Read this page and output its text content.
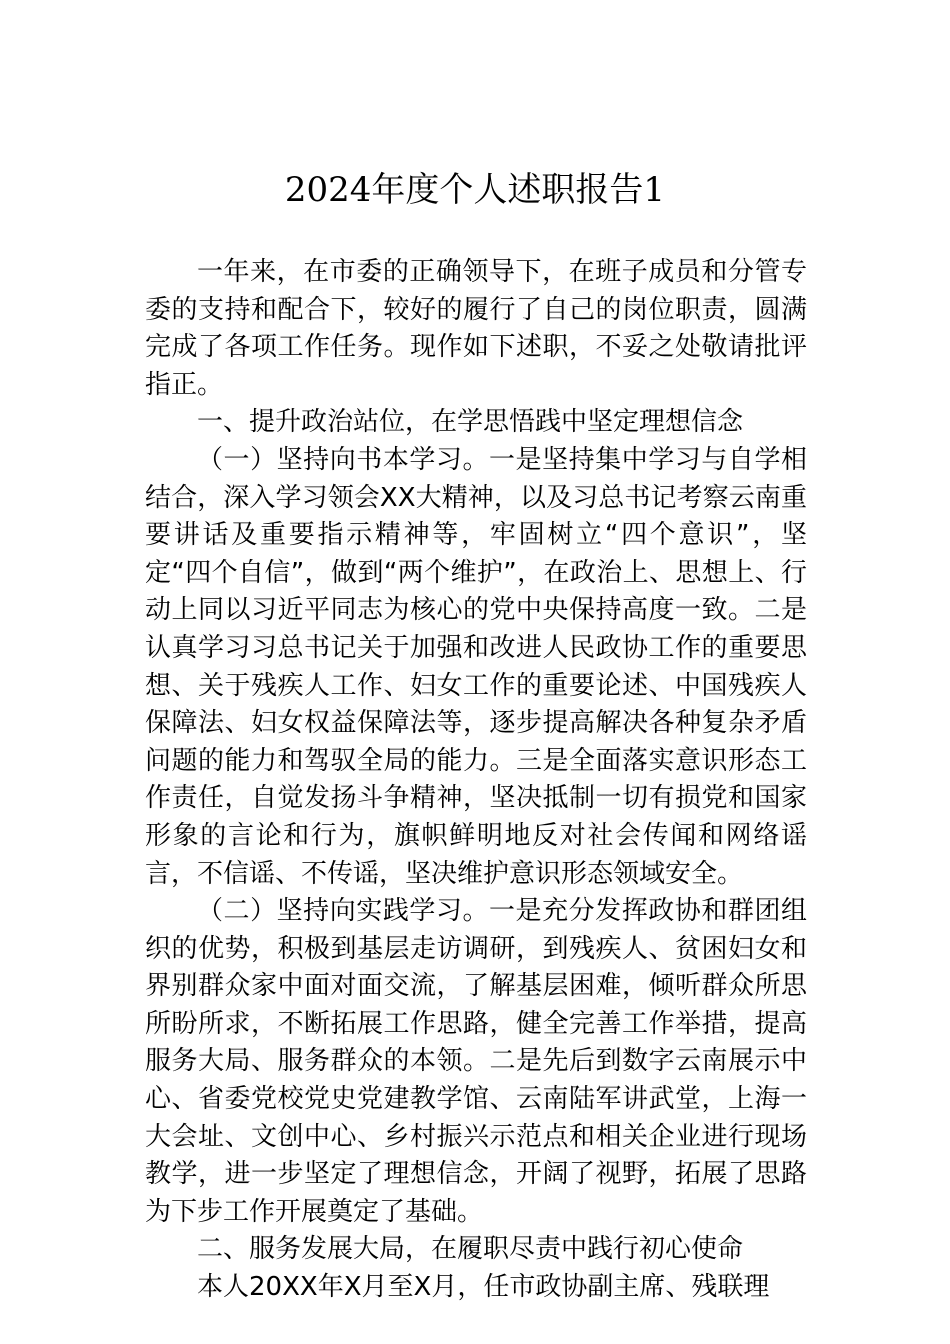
2024年度个人述职报告1

一年来，在市委的正确领导下，在班子成员和分管专委的支持和配合下，较好的履行了自己的岗位职责，圆满完成了各项工作任务。现作如下述职，不妥之处敬请批评指正。

一、提升政治站位，在学思悟践中坚定理想信念

（一）坚持向书本学习。一是坚持集中学习与自学相结合，深入学习领会XX大精神，以及习总书记考察云南重要讲话及重要指示精神等，牢固树立“四个意识”，坚定“四个自信”，做到“两个维护”，在政治上、思想上、行动上同以习近平同志为核心的党中央保持高度一致。二是认真学习习总书记关于加强和改进人民政协工作的重要思想、关于残疾人工作、妇女工作的重要论述、中国残疾人保障法、妇女权益保障法等，逐步提高解决各种复杂矛盾问题的能力和驾驭全局的能力。三是全面落实意识形态工作责任，自觉发扬斗争精神，坚决抵制一切有损党和国家形象的言论和行为，旗帜鲜明地反对社会传闻和网络谣言，不信谣、不传谣，坚决维护意识形态领域安全。

（二）坚持向实践学习。一是充分发挥政协和群团组织的优势，积极到基层走访调研，到残疾人、贫困妇女和界别群众家中面对面交流，了解基层困难，倾听群众所思所盼所求，不断拓展工作思路，健全完善工作举措，提高服务大局、服务群众的本领。二是先后到数字云南展示中心、省委党校党史党建教学馆、云南陆军讲武堂，上海一大会址、文创中心、乡村振兴示范点和相关企业进行现场教学，进一步坚定了理想信念，开阔了视野，拓展了思路为下步工作开展奠定了基础。

二、服务发展大局，在履职尽责中践行初心使命

本人20XX年X月至X月，任市政协副主席、残联理
